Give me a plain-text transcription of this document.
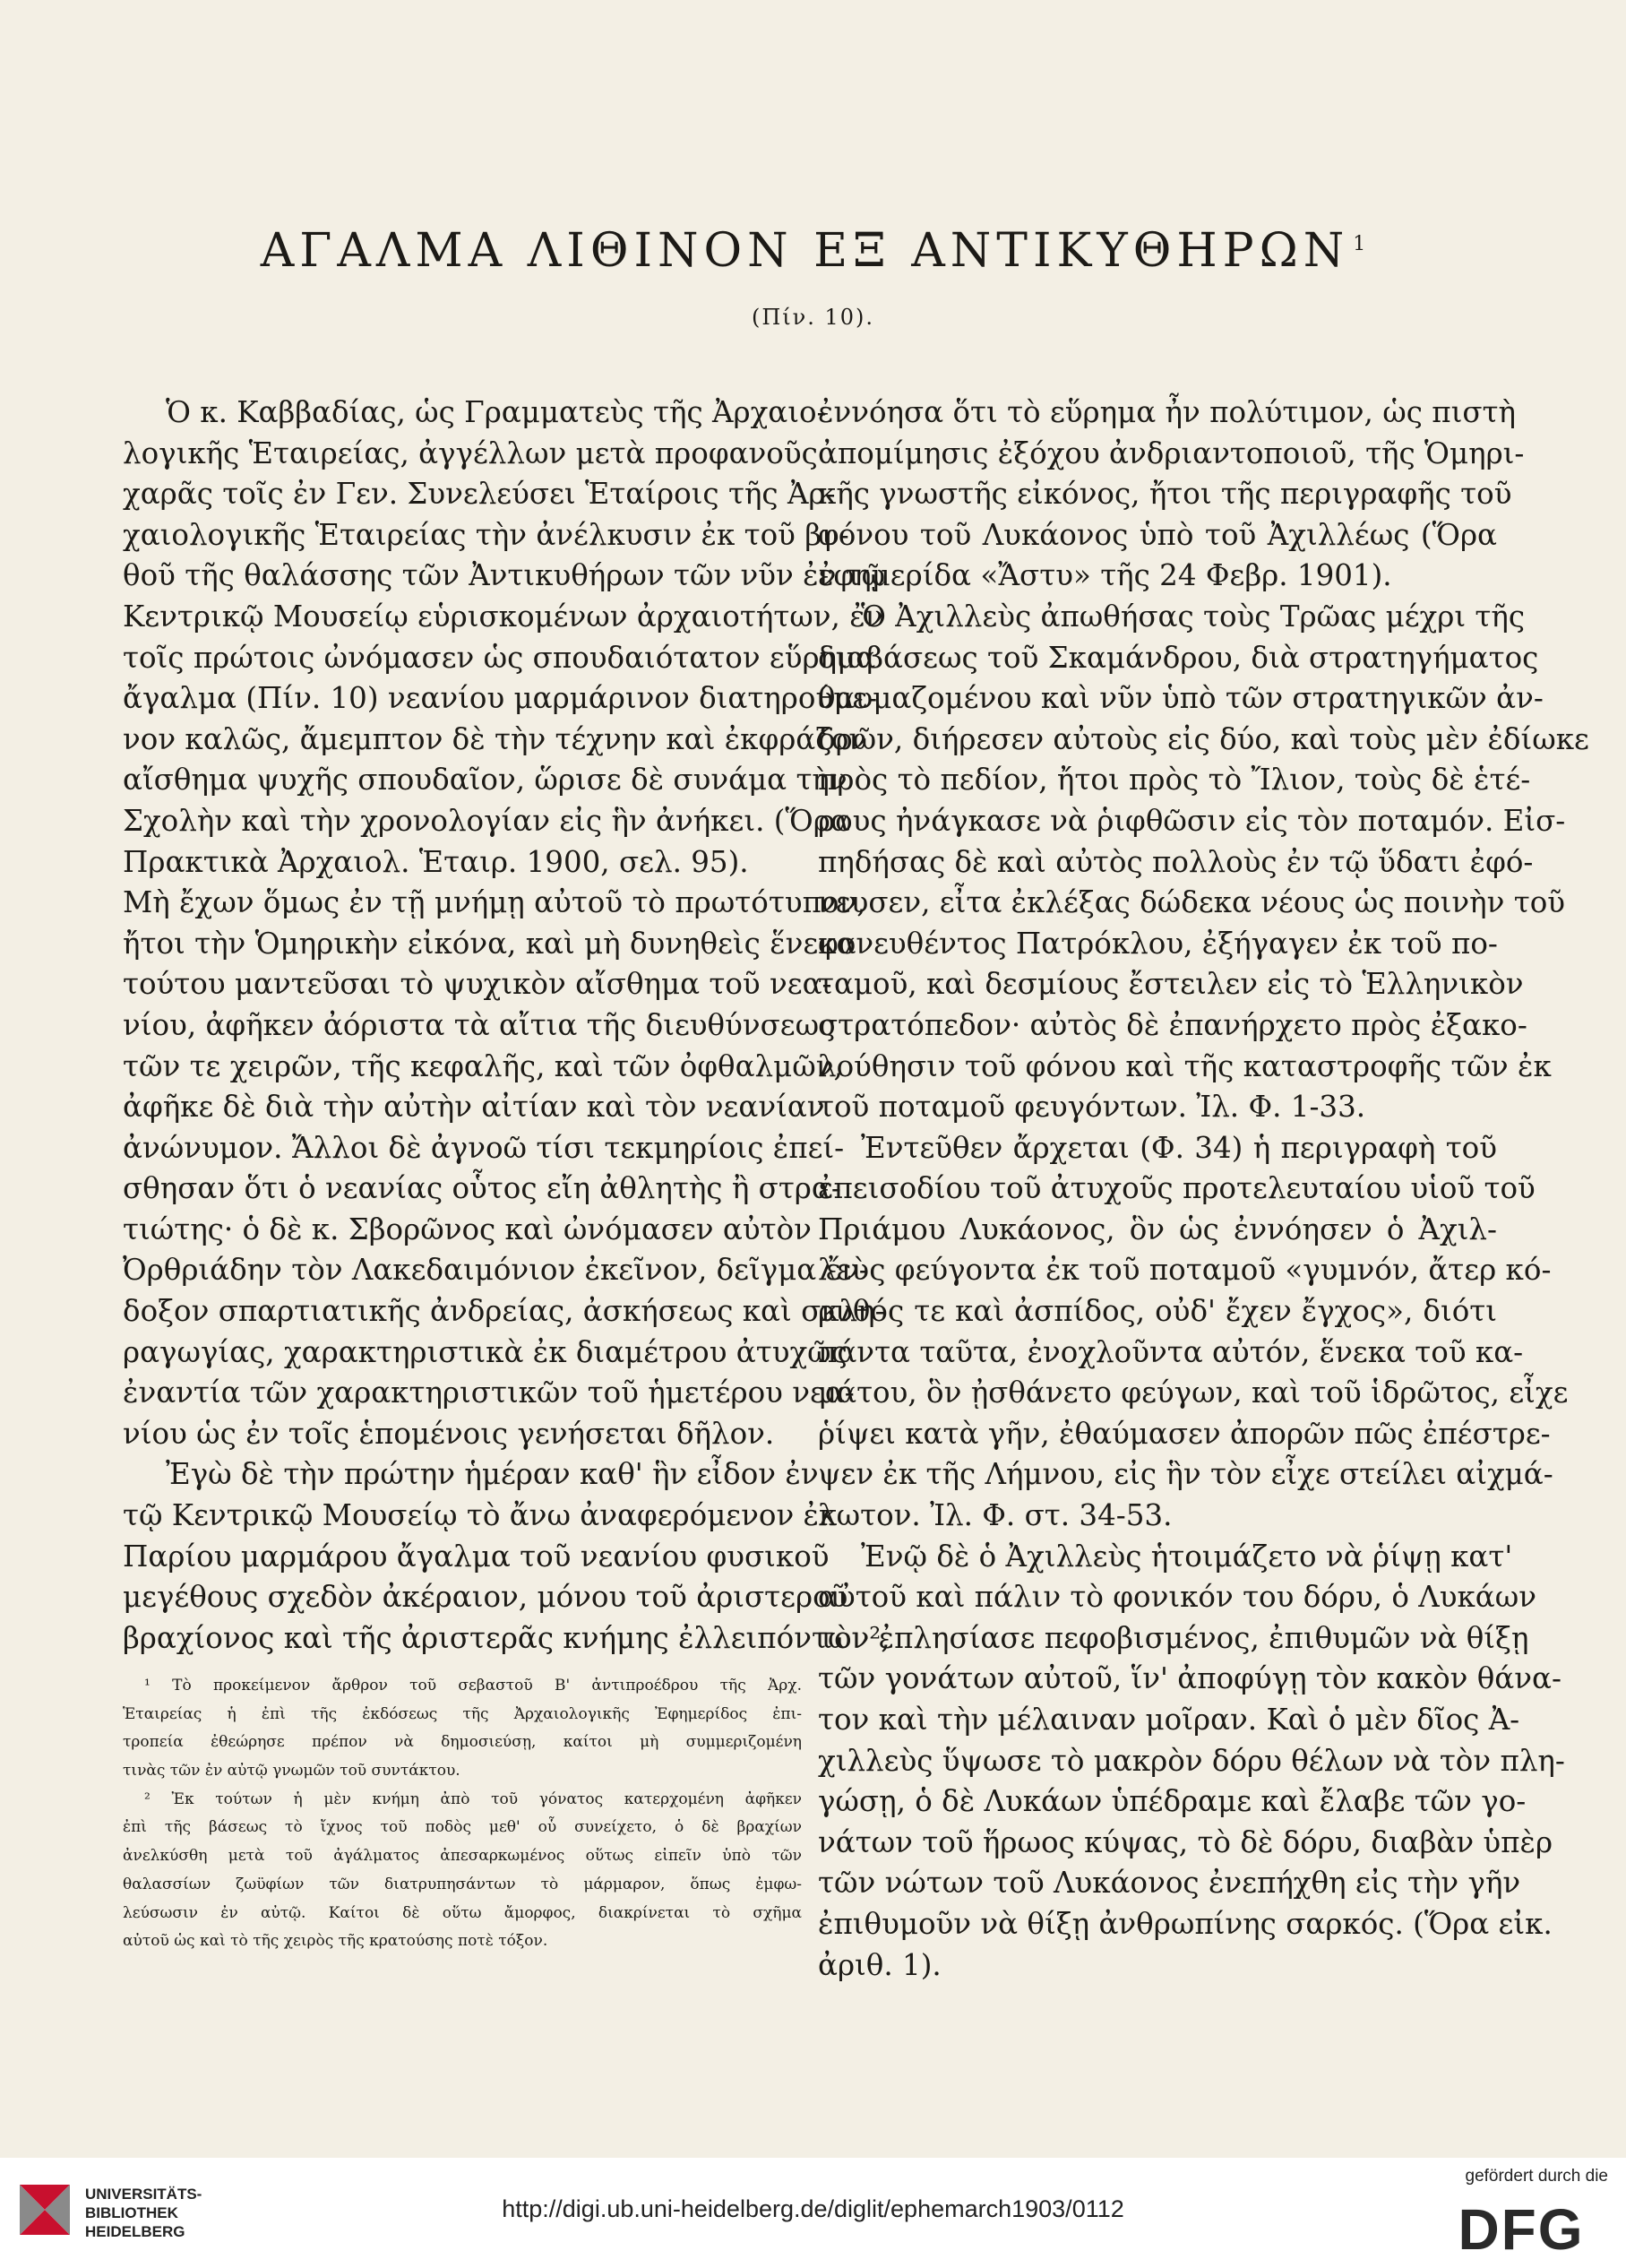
ΑΓΑΛΜΑ ΛΙΘΙΝΟΝ ΕΞ ΑΝΤΙΚΥΘΗΡΩΝ $^1$
(Πίν. 10).
Ὁ κ. Καββαδίας, ὡς Γραμματεὺς τῆς Ἀρχαιο-
λογικῆς Ἑταιρείας, ἀγγέλλων μετὰ προφανοῦς
χαρᾶς τοῖς ἐν Γεν. Συνελεύσει Ἑταίροις τῆς Ἀρ-
χαιολογικῆς Ἑταιρείας τὴν ἀνέλκυσιν ἐκ τοῦ βυ-
θοῦ τῆς θαλάσσης τῶν Ἀντικυθήρων τῶν νῦν ἐν τῷ
Κεντρικῷ Μουσείῳ εὑρισκομένων ἀρχαιοτήτων, ἐν
τοῖς πρώτοις ὠνόμασεν ὡς σπουδαιότατον εὕρημα
ἄγαλμα (Πίν. 10) νεανίου μαρμάρινον διατηρούμε-
νον καλῶς, ἄμεμπτον δὲ τὴν τέχνην καὶ ἐκφράζον
αἴσθημα ψυχῆς σπουδαῖον, ὥρισε δὲ συνάμα τὴν
Σχολὴν καὶ τὴν χρονολογίαν εἰς ἣν ἀνήκει. (Ὅρα
Πρακτικὰ Ἀρχαιολ. Ἑταιρ. 1900, σελ. 95).
Μὴ ἔχων ὅμως ἐν τῇ μνήμῃ αὐτοῦ τὸ πρωτότυπον,
ἤτοι τὴν Ὁμηρικὴν εἰκόνα, καὶ μὴ δυνηθεὶς ἕνεκα
τούτου μαντεῦσαι τὸ ψυχικὸν αἴσθημα τοῦ νεα-
νίου, ἀφῆκεν ἀόριστα τὰ αἴτια τῆς διευθύνσεως
τῶν τε χειρῶν, τῆς κεφαλῆς, καὶ τῶν ὀφθαλμῶν,
ἀφῆκε δὲ διὰ τὴν αὐτὴν αἰτίαν καὶ τὸν νεανίαν
ἀνώνυμον. Ἄλλοι δὲ ἀγνοῶ τίσι τεκμηρίοις ἐπεί-
σθησαν ὅτι ὁ νεανίας οὗτος εἴη ἀθλητὴς ἢ στρα-
τιώτης· ὁ δὲ κ. Σβορῶνος καὶ ὠνόμασεν αὐτὸν
Ὀρθριάδην τὸν Λακεδαιμόνιον ἐκεῖνον, δεῖγμα ἔν-
δοξον σπαρτιατικῆς ἀνδρείας, ἀσκήσεως καὶ σκλη-
ραγωγίας, χαρακτηριστικὰ ἐκ διαμέτρου ἀτυχῶς
ἐναντία τῶν χαρακτηριστικῶν τοῦ ἡμετέρου νεα-
νίου ὡς ἐν τοῖς ἑπομένοις γενήσεται δῆλον.
Ἐγὼ δὲ τὴν πρώτην ἡμέραν καθ' ἣν εἶδον ἐν
τῷ Κεντρικῷ Μουσείῳ τὸ ἄνω ἀναφερόμενον ἐκ
Παρίου μαρμάρου ἄγαλμα τοῦ νεανίου φυσικοῦ
μεγέθους σχεδὸν ἀκέραιον, μόνου τοῦ ἀριστεροῦ
βραχίονος καὶ τῆς ἀριστερᾶς κνήμης ἐλλειπόντων²,
ἐννόησα ὅτι τὸ εὕρημα ἦν πολύτιμον, ὡς πιστὴ
ἀπομίμησις ἐξόχου ἀνδριαντοποιοῦ, τῆς Ὁμηρι-
κῆς γνωστῆς εἰκόνος, ἤτοι τῆς περιγραφῆς τοῦ
φόνου τοῦ Λυκάονος ὑπὸ τοῦ Ἀχιλλέως (Ὅρα
ἐφημερίδα «Ἄστυ» τῆς 24 Φεβρ. 1901).
Ὁ Ἀχιλλεὺς ἀπωθήσας τοὺς Τρῶας μέχρι τῆς
διαβάσεως τοῦ Σκαμάνδρου, διὰ στρατηγήματος
θαυμαζομένου καὶ νῦν ὑπὸ τῶν στρατηγικῶν ἀν-
δρῶν, διήρεσεν αὐτοὺς εἰς δύο, καὶ τοὺς μὲν ἐδίωκε
πρὸς τὸ πεδίον, ἤτοι πρὸς τὸ Ἴλιον, τοὺς δὲ ἑτέ-
ρους ἠνάγκασε νὰ ῥιφθῶσιν εἰς τὸν ποταμόν. Εἰσ-
πηδήσας δὲ καὶ αὐτὸς πολλοὺς ἐν τῷ ὕδατι ἐφό-
νευσεν, εἶτα ἐκλέξας δώδεκα νέους ὡς ποινὴν τοῦ
φονευθέντος Πατρόκλου, ἐξήγαγεν ἐκ τοῦ πο-
ταμοῦ, καὶ δεσμίους ἔστειλεν εἰς τὸ Ἑλληνικὸν
στρατόπεδον· αὐτὸς δὲ ἐπανήρχετο πρὸς ἐξακο-
λούθησιν τοῦ φόνου καὶ τῆς καταστροφῆς τῶν ἐκ
τοῦ ποταμοῦ φευγόντων. Ἰλ. Φ. 1-33.
Ἐντεῦθεν ἄρχεται (Φ. 34) ἡ περιγραφὴ τοῦ
ἐπεισοδίου τοῦ ἀτυχοῦς προτελευταίου υἱοῦ τοῦ
Πριάμου Λυκάονος, ὃν ὡς ἐννόησεν ὁ Ἀχιλ-
λεὺς φεύγοντα ἐκ τοῦ ποταμοῦ «γυμνόν, ἄτερ κό-
ρυθός τε καὶ ἀσπίδος, οὐδ' ἔχεν ἔγχος», διότι
πάντα ταῦτα, ἐνοχλοῦντα αὐτόν, ἕνεκα τοῦ κα-
μάτου, ὃν ᾐσθάνετο φεύγων, καὶ τοῦ ἱδρῶτος, εἶχε
ῥίψει κατὰ γῆν, ἐθαύμασεν ἀπορῶν πῶς ἐπέστρε-
ψεν ἐκ τῆς Λήμνου, εἰς ἣν τὸν εἶχε στείλει αἰχμά-
λωτον. Ἰλ. Φ. στ. 34-53.
Ἐνῷ δὲ ὁ Ἀχιλλεὺς ἡτοιμάζετο νὰ ῥίψῃ κατ'
αὐτοῦ καὶ πάλιν τὸ φονικόν του δόρυ, ὁ Λυκάων
τὸν ἐπλησίασε πεφοβισμένος, ἐπιθυμῶν νὰ θίξῃ
τῶν γονάτων αὐτοῦ, ἵν' ἀποφύγῃ τὸν κακὸν θάνα-
τον καὶ τὴν μέλαιναν μοῖραν. Καὶ ὁ μὲν δῖος Ἀ-
χιλλεὺς ὕψωσε τὸ μακρὸν δόρυ θέλων νὰ τὸν πλη-
γώσῃ, ὁ δὲ Λυκάων ὑπέδραμε καὶ ἔλαβε τῶν γο-
νάτων τοῦ ἥρωος κύψας, τὸ δὲ δόρυ, διαβὰν ὑπὲρ
τῶν νώτων τοῦ Λυκάονος ἐνεπήχθη εἰς τὴν γῆν
ἐπιθυμοῦν νὰ θίξῃ ἀνθρωπίνης σαρκός. (Ὅρα εἰκ.
ἀριθ. 1).
¹ Τὸ προκείμενον ἄρθρον τοῦ σεβαστοῦ Β' ἀντιπροέδρου τῆς Ἀρχ.
Ἑταιρείας ἡ ἐπὶ τῆς ἐκδόσεως τῆς Ἀρχαιολογικῆς Ἐφημερίδος ἐπι-
τροπεία ἐθεώρησε πρέπον νὰ δημοσιεύσῃ, καίτοι μὴ συμμεριζομένη
τινὰς τῶν ἐν αὐτῷ γνωμῶν τοῦ συντάκτου.
² Ἐκ τούτων ἡ μὲν κνήμη ἀπὸ τοῦ γόνατος κατερχομένη ἀφῆκεν
ἐπὶ τῆς βάσεως τὸ ἴχνος τοῦ ποδὸς μεθ' οὗ συνείχετο, ὁ δὲ βραχίων
ἀνελκύσθη μετὰ τοῦ ἀγάλματος ἀπεσαρκωμένος οὕτως εἰπεῖν ὑπὸ τῶν
θαλασσίων ζωϋφίων τῶν διατρυπησάντων τὸ μάρμαρον, ὅπως ἐμφω-
λεύσωσιν ἐν αὐτῷ. Καίτοι δὲ οὕτω ἄμορφος, διακρίνεται τὸ σχῆμα
αὐτοῦ ὡς καὶ τὸ τῆς χειρὸς τῆς κρατούσης ποτὲ τόξον.
UNIVERSITÄTS-
BIBLIOTHEK
HEIDELBERG
http://digi.ub.uni-heidelberg.de/diglit/ephemarch1903/0112
gefördert durch die
DFG
